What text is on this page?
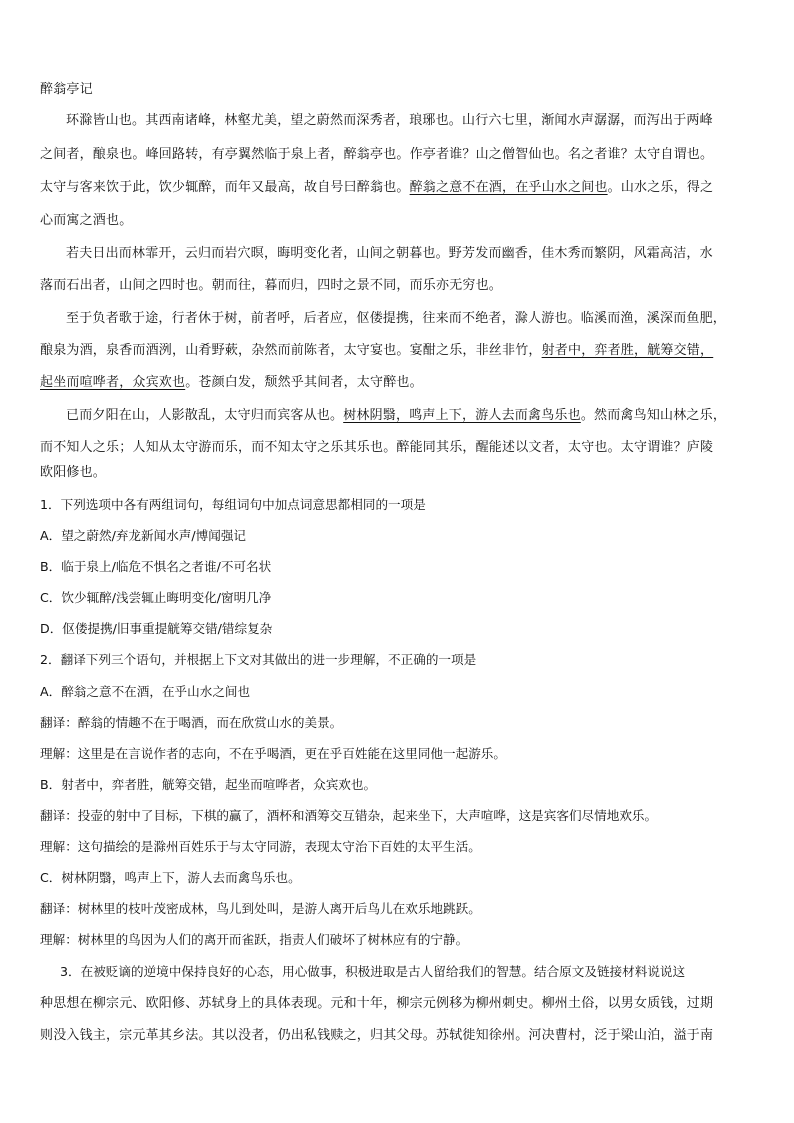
醉翁亭记
环滁皆山也。其西南诸峰，林壑尤美，望之蔚然而深秀者，琅琊也。山行六七里，渐闻水声潺潺，而泻出于两峰
之间者，酿泉也。峰回路转，有亭翼然临于泉上者，醉翁亭也。作亭者谁？山之僧智仙也。名之者谁？太守自谓也。
太守与客来饮于此，饮少辄醉，而年又最高，故自号曰醉翁也。醉翁之意不在酒，在乎山水之间也。山水之乐，得之
心而寓之酒也。
若夫日出而林霏开，云归而岩穴暝，晦明变化者，山间之朝暮也。野芳发而幽香，佳木秀而繁阴，风霜高洁，水
落而石出者，山间之四时也。朝而往，暮而归，四时之景不同，而乐亦无穷也。
至于负者歌于途，行者休于树，前者呼，后者应，伛偻提携，往来而不绝者，滁人游也。临溪而渔，溪深而鱼肥，
酿泉为酒，泉香而酒洌，山肴野蔌，杂然而前陈者，太守宴也。宴酣之乐，非丝非竹，射者中，弈者胜，觥筹交错，
起坐而喧哗者，众宾欢也。苍颜白发，颓然乎其间者，太守醉也。
已而夕阳在山，人影散乱，太守归而宾客从也。树林阴翳，鸣声上下，游人去而禽鸟乐也。然而禽鸟知山林之乐，
而不知人之乐；人知从太守游而乐，而不知太守之乐其乐也。醉能同其乐，醒能述以文者，太守也。太守谓谁？庐陵
欧阳修也。
1．下列选项中各有两组词句，每组词句中加点词意思都相同的一项是
A．望之蔚然/弃龙新闻水声/博闻强记
B．临于泉上/临危不惧名之者谁/不可名状
C．饮少辄醉/浅尝辄止晦明变化/窗明几净
D．伛偻提携/旧事重提觥筹交错/错综复杂
2．翻译下列三个语句，并根据上下文对其做出的进一步理解，不正确的一项是
A．醉翁之意不在酒，在乎山水之间也
翻译：醉翁的情趣不在于喝酒，而在欣赏山水的美景。
理解：这里是在言说作者的志向，不在乎喝酒，更在乎百姓能在这里同他一起游乐。
B．射者中，弈者胜，觥筹交错，起坐而喧哗者，众宾欢也。
翻译：投壶的射中了目标，下棋的赢了，酒杯和酒筹交互错杂，起来坐下，大声喧哗，这是宾客们尽情地欢乐。
理解：这句描绘的是滁州百姓乐于与太守同游，表现太守治下百姓的太平生活。
C．树林阴翳，鸣声上下，游人去而禽鸟乐也。
翻译：树林里的枝叶茂密成林，鸟儿到处叫，是游人离开后鸟儿在欢乐地跳跃。
理解：树林里的鸟因为人们的离开而雀跃，指责人们破坏了树林应有的宁静。
3．在被贬谪的逆境中保持良好的心态，用心做事，积极进取是古人留给我们的智慧。结合原文及链接材料说说这
种思想在柳宗元、欧阳修、苏轼身上的具体表现。元和十年，柳宗元例移为柳州刺史。柳州土俗，以男女质钱，过期
则没入钱主，宗元革其乡法。其以没者，仍出私钱赎之，归其父母。苏轼徙知徐州。河决曹村，泛于梁山泊，溢于南
